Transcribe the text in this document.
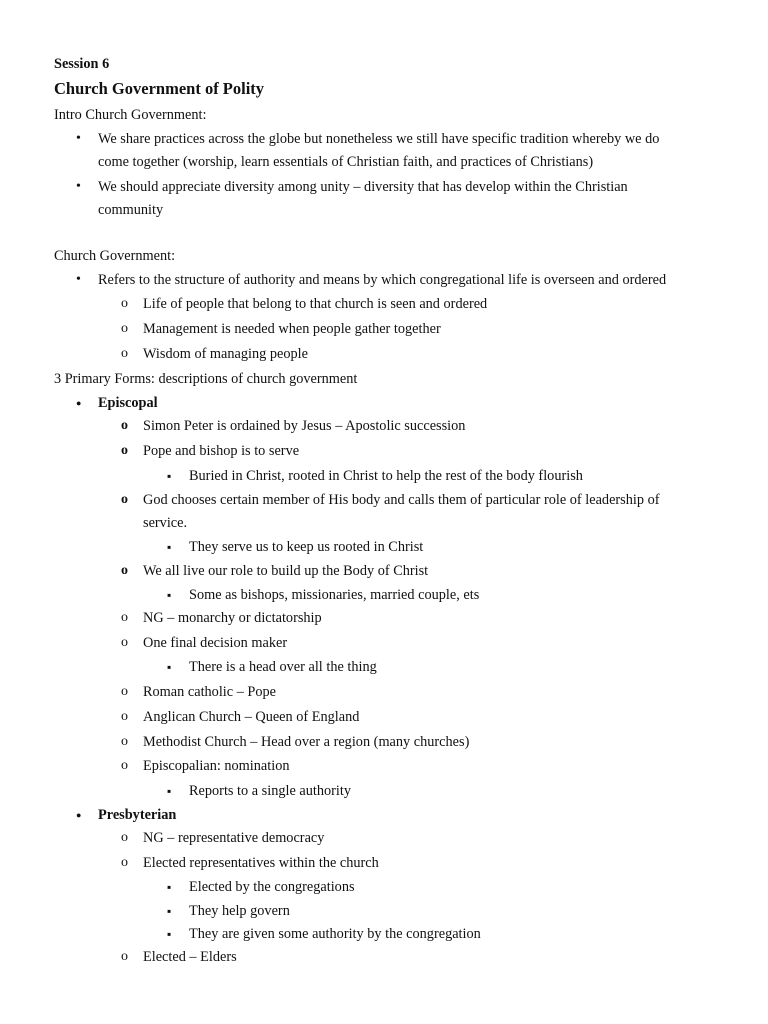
Session 6
Church Government of Polity
Intro Church Government:
•
We share practices across the globe but nonetheless we still have specific tradition whereby we do
come together (worship, learn essentials of Christian faith, and practices of Christians)
•
We should appreciate diversity among unity – diversity that has develop within the Christian
community
Church Government:
•
Refers to the structure of authority and means by which congregational life is overseen and ordered
o
Life of people that belong to that church is seen and ordered
o
Management is needed when people gather together
o
Wisdom of managing people
3 Primary Forms: descriptions of church government
●
Episcopal
o
Simon Peter is ordained by Jesus – Apostolic succession
o
Pope and bishop is to serve
▪
Buried in Christ, rooted in Christ to help the rest of the body flourish
o
God chooses certain member of His body and calls them of particular role of leadership of
service.
▪
They serve us to keep us rooted in Christ
o
We all live our role to build up the Body of Christ
▪
Some as bishops, missionaries, married couple, ets
o
NG – monarchy or dictatorship
o
One final decision maker
▪
There is a head over all the thing
o
Roman catholic – Pope
o
Anglican Church – Queen of England
o
Methodist Church – Head over a region (many churches)
o
Episcopalian: nomination
▪
Reports to a single authority
●
Presbyterian
o
NG – representative democracy
o
Elected representatives within the church
▪
Elected by the congregations
▪
They help govern
▪
They are given some authority by the congregation
o
Elected – Elders
